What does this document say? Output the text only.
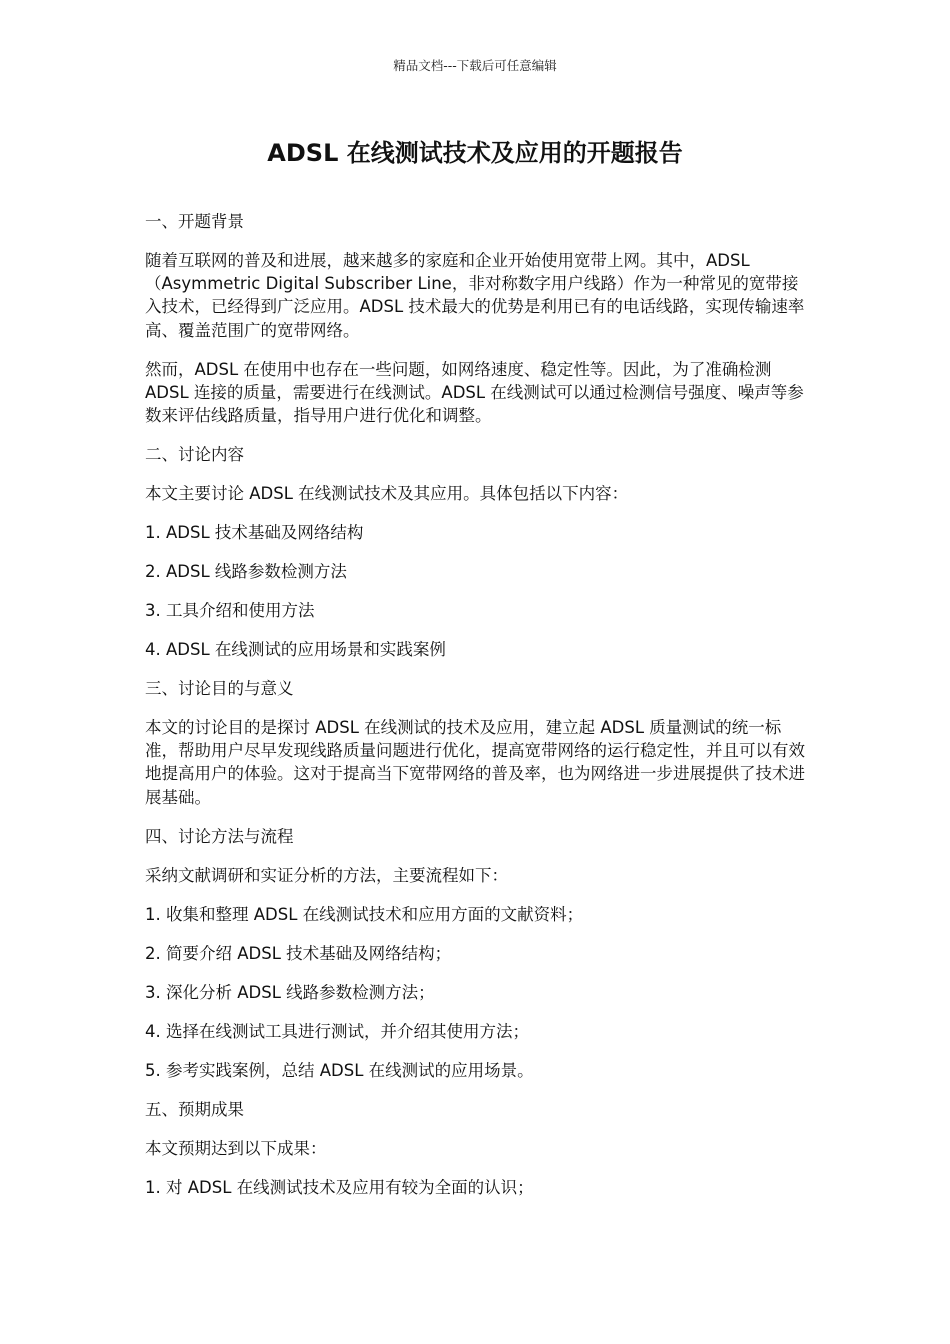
精品文档---下载后可任意编辑
ADSL 在线测试技术及应用的开题报告
一、开题背景

随着互联网的普及和进展，越来越多的家庭和企业开始使用宽带上网。其中，ADSL（Asymmetric Digital Subscriber Line，非对称数字用户线路）作为一种常见的宽带接入技术，已经得到广泛应用。ADSL 技术最大的优势是利用已有的电话线路，实现传输速率高、覆盖范围广的宽带网络。

然而，ADSL 在使用中也存在一些问题，如网络速度、稳定性等。因此，为了准确检测 ADSL 连接的质量，需要进行在线测试。ADSL 在线测试可以通过检测信号强度、噪声等参数来评估线路质量，指导用户进行优化和调整。

二、讨论内容

本文主要讨论 ADSL 在线测试技术及其应用。具体包括以下内容：

1. ADSL 技术基础及网络结构

2. ADSL 线路参数检测方法

3. 工具介绍和使用方法

4. ADSL 在线测试的应用场景和实践案例

三、讨论目的与意义

本文的讨论目的是探讨 ADSL 在线测试的技术及应用，建立起 ADSL 质量测试的统一标准，帮助用户尽早发现线路质量问题进行优化，提高宽带网络的运行稳定性，并且可以有效地提高用户的体验。这对于提高当下宽带网络的普及率，也为网络进一步进展提供了技术进展基础。

四、讨论方法与流程

采纳文献调研和实证分析的方法，主要流程如下：

1. 收集和整理 ADSL 在线测试技术和应用方面的文献资料；

2. 简要介绍 ADSL 技术基础及网络结构；

3. 深化分析 ADSL 线路参数检测方法；

4. 选择在线测试工具进行测试，并介绍其使用方法；

5. 参考实践案例，总结 ADSL 在线测试的应用场景。

五、预期成果

本文预期达到以下成果：

1. 对 ADSL 在线测试技术及应用有较为全面的认识；
